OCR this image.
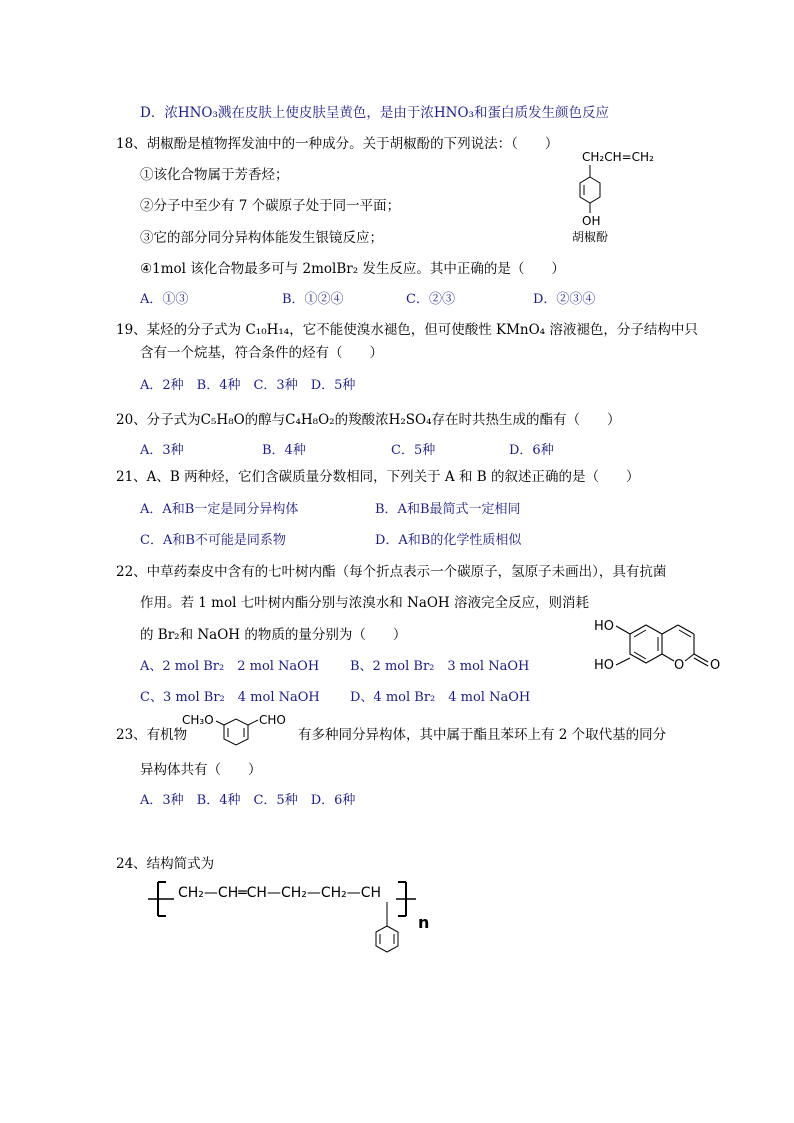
D．浓HNO₃溅在皮肤上使皮肤呈黄色，是由于浓HNO₃和蛋白质发生颜色反应
18、胡椒酚是植物挥发油中的一种成分。关于胡椒酚的下列说法：（　　）
①该化合物属于芳香烃；
②分子中至少有 7 个碳原子处于同一平面；
③它的部分同分异构体能发生银镜反应；
④1mol 该化合物最多可与 2molBr₂ 发生反应。其中正确的是（　　）
A．①③	B．①②④	C．②③	D．②③④
CH₂CH=CH₂
OH
胡椒酚
19、某烃的分子式为 C₁₀H₁₄，它不能使溴水褪色，但可使酸性 KMnO₄ 溶液褪色，分子结构中只
含有一个烷基，符合条件的烃有（　　）
A．2种　B．4种　C．3种　D．5种
20、分子式为C₅H₈O的醇与C₄H₈O₂的羧酸浓H₂SO₄存在时共热生成的酯有（　　）
A．3种	B．4种	C．5种	D．6种
21、A、B 两种烃，它们含碳质量分数相同，下列关于 A 和 B 的叙述正确的是（　　）
A．A和B一定是同分异构体	B．A和B最简式一定相同
C．A和B不可能是同系物	D．A和B的化学性质相似
22、中草药秦皮中含有的七叶树内酯（每个折点表示一个碳原子，氢原子未画出），具有抗菌
作用。若 1 mol 七叶树内酯分别与浓溴水和 NaOH 溶液完全反应，则消耗
的 Br₂和 NaOH 的物质的量分别为（　　）
A、2 mol Br₂　2 mol NaOH B、2 mol Br₂　3 mol NaOH
C、3 mol Br₂　4 mol NaOH D、4 mol Br₂　4 mol NaOH
HO
HO	O O
23、有机物
CH₃O	CHO
有多种同分异构体，其中属于酯且苯环上有 2 个取代基的同分
异构体共有（　　）
A．3种　B．4种　C．5种　D．6种
24、结构简式为
CH₂—CH═CH—CH₂—CH₂—CH
n
